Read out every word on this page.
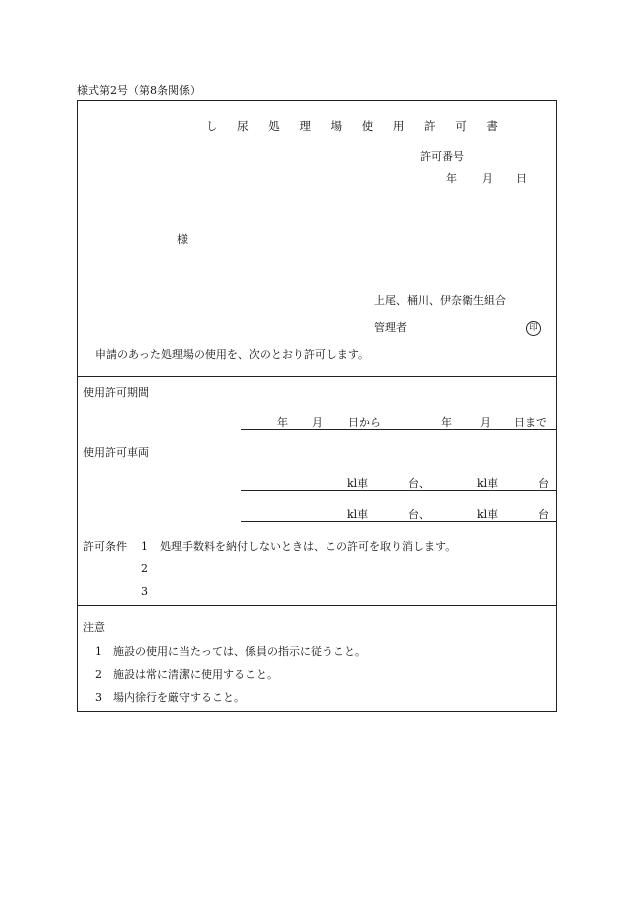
様式第2号（第8条関係）
し 尿 処 理 場 使 用 許 可 書
許可番号
年 月 日
様
上尾、桶川、伊奈衛生組合
管理者	印
申請のあった処理場の使用を、次のとおり許可します。
使用許可期間
年 月 日から	年	月 日まで
使用許可車両
kl車	台、	kl車	台
kl車	台、	kl車	台
許可条件 1 処理手数料を納付しないときは、この許可を取り消します。
2
3
注意
1 施設の使用に当たっては、係員の指示に従うこと。
2 施設は常に清潔に使用すること。
3 場内徐行を厳守すること。
